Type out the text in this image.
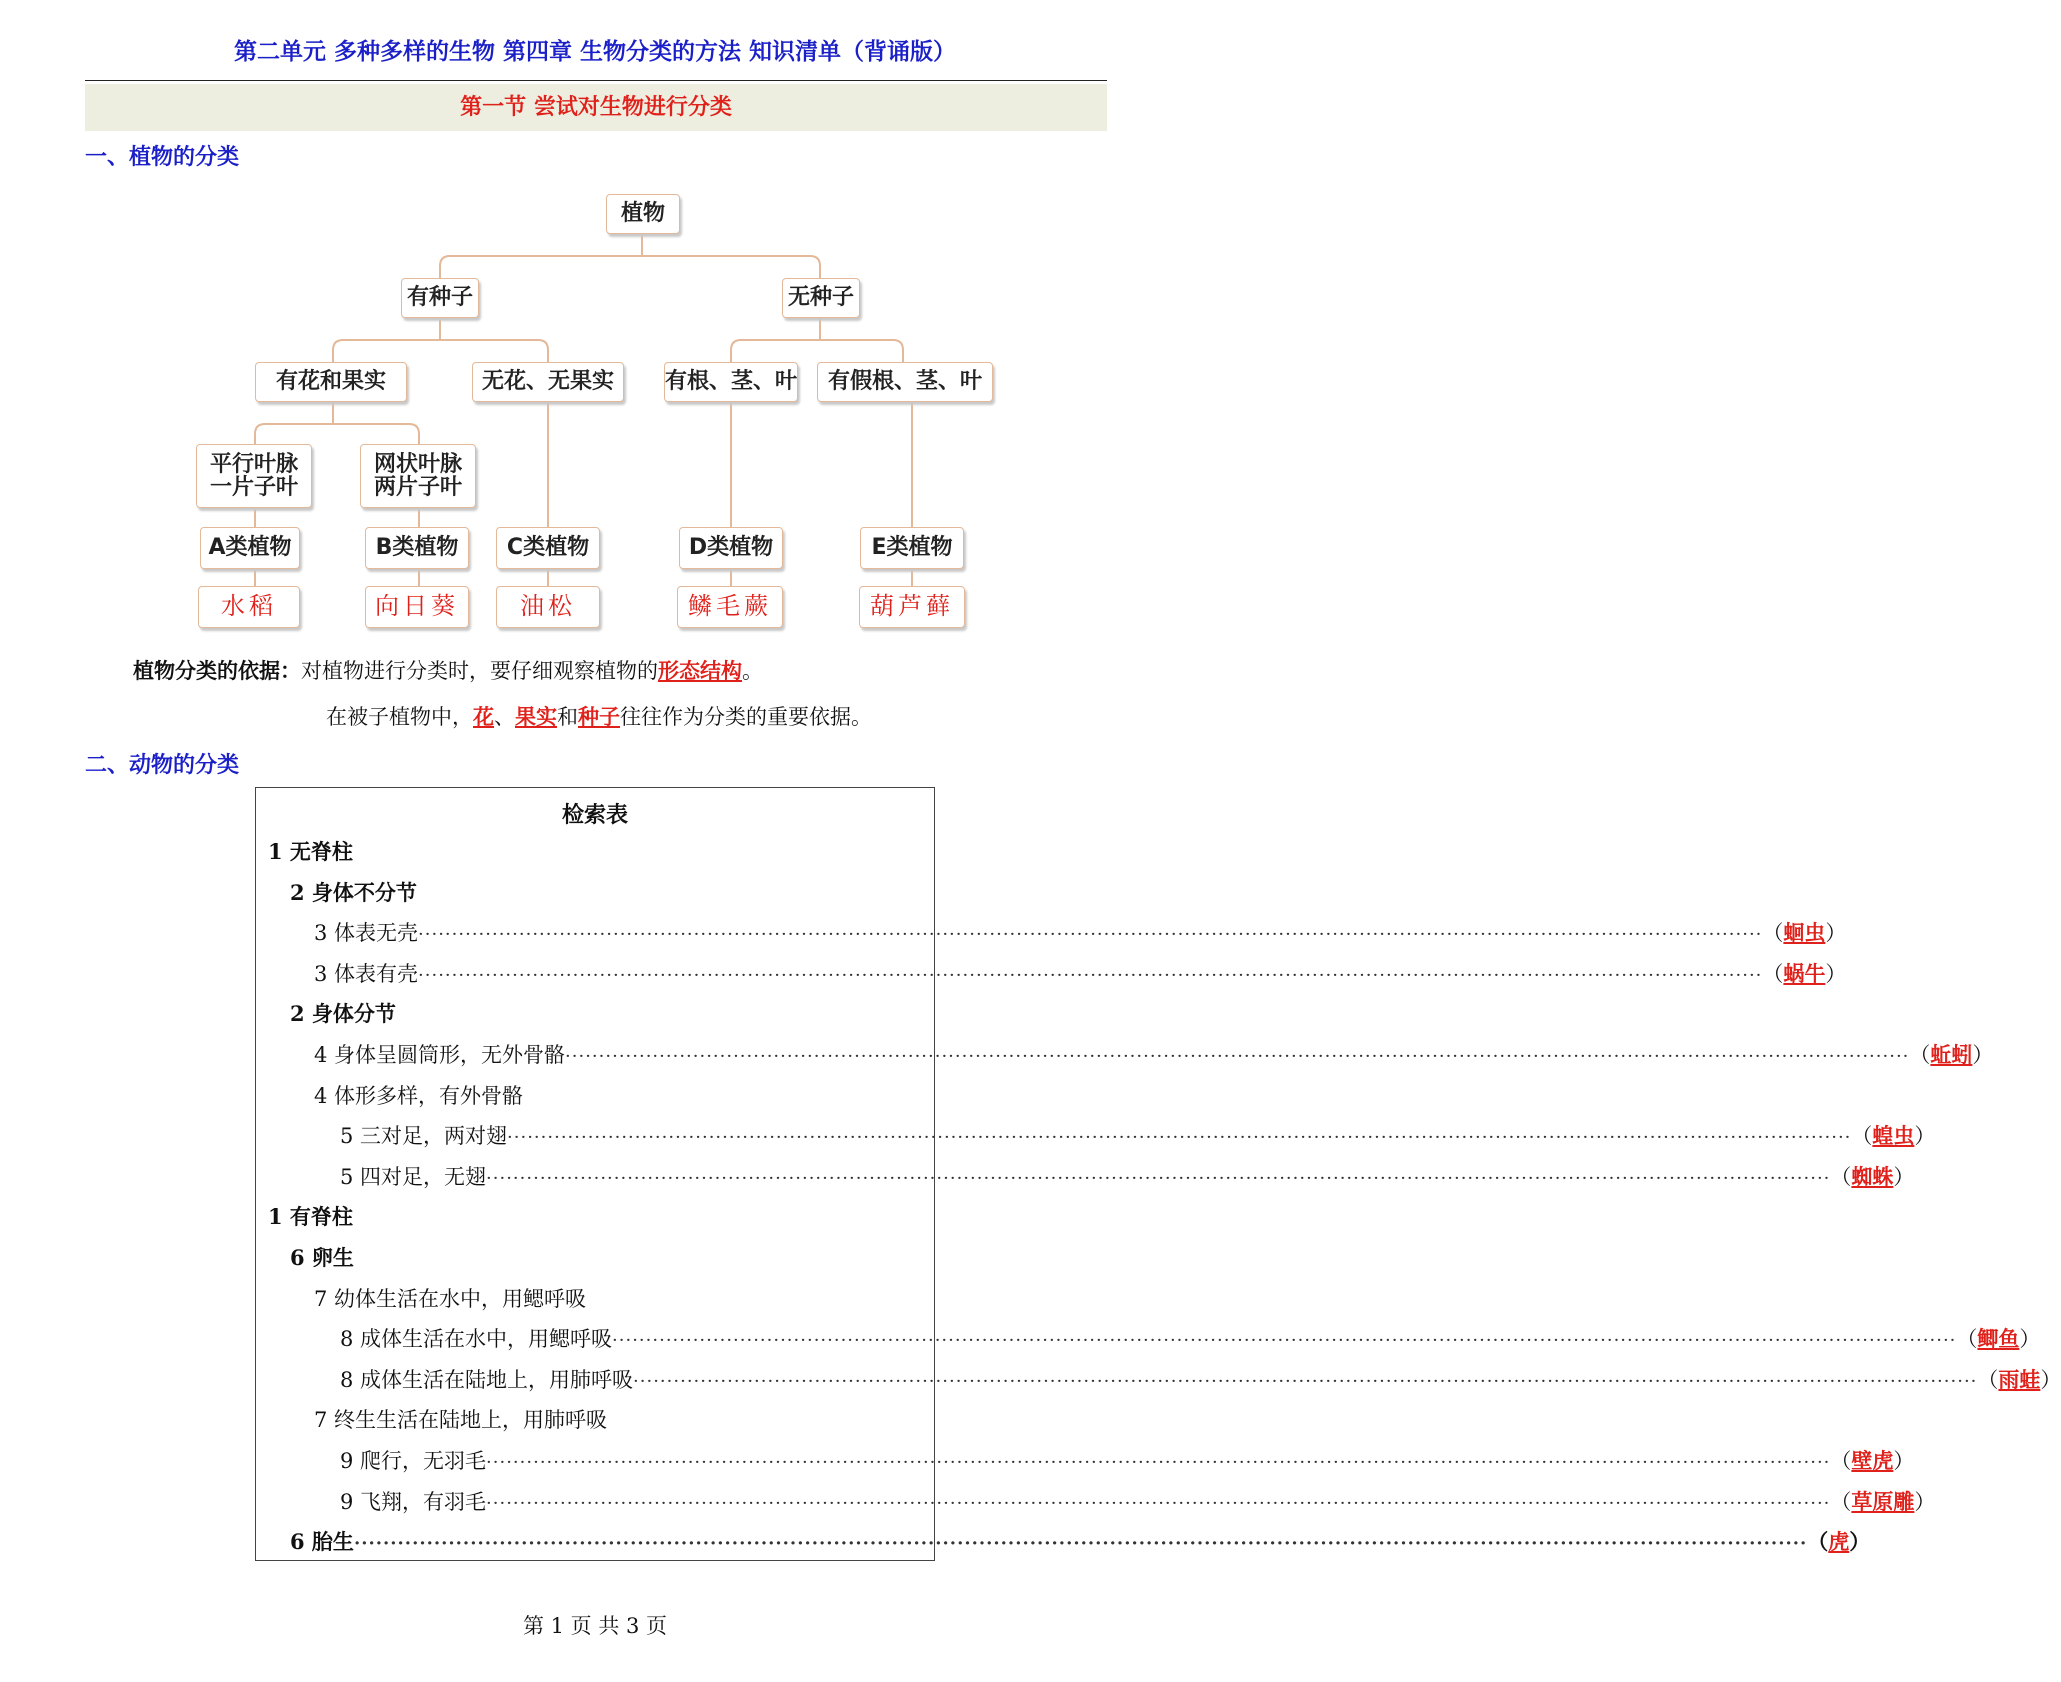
第二单元 多种多样的生物 第四章 生物分类的方法 知识清单（背诵版）
第一节 尝试对生物进行分类
一、植物的分类
植物
有种子	无种子
有花和果实	无花、无果实	有根、茎、叶	有假根、茎、叶
平行叶脉
一片子叶
网状叶脉
两片子叶
A类植物	B类植物	C类植物	D类植物	E类植物
水稻	向日葵	油松	鳞毛蕨	葫芦藓
植物分类的依据：对植物进行分类时，要仔细观察植物的形态结构。
在被子植物中，花、果实和种子往往作为分类的重要依据。
二、动物的分类
检索表
1 无脊柱
2 身体不分节
3 体表无壳 ········································································································································································································ （ 蛔虫 ）
3 体表有壳 ········································································································································································································ （ 蜗牛 ）
2 身体分节
4 身体呈圆筒形，无外骨骼 ········································································································································································································ （ 蚯蚓 ）
4 体形多样，有外骨骼
5 三对足，两对翅 ········································································································································································································ （ 蝗虫 ）
5 四对足，无翅 ········································································································································································································ （ 蜘蛛 ）
1 有脊柱
6 卵生
7 幼体生活在水中，用鳃呼吸
8 成体生活在水中，用鳃呼吸 ········································································································································································································ （ 鲫鱼 ）
8 成体生活在陆地上，用肺呼吸 ········································································································································································································ （ 雨蛙 ）
7 终生生活在陆地上，用肺呼吸
9 爬行，无羽毛 ········································································································································································································ （ 壁虎 ）
9 飞翔，有羽毛 ········································································································································································································ （ 草原雕 ）
6 胎生 ········································································································································································································ （ 虎 ）
第 1 页 共 3 页
